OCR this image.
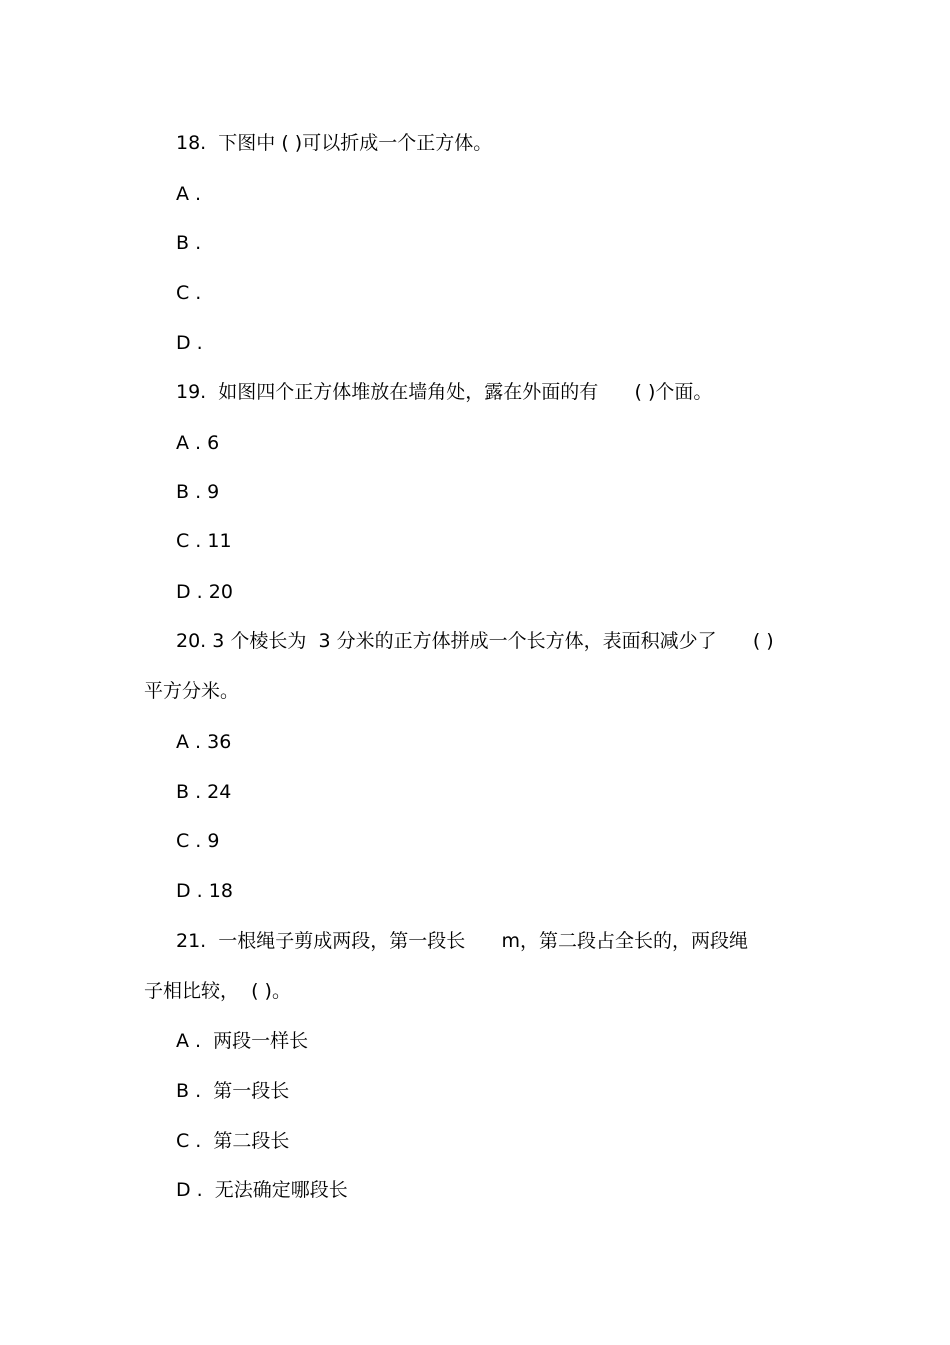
18.  下图中 ( )可以折成一个正方体。

A .

B .

C .

D .

19.  如图四个正方体堆放在墙角处，露在外面的有      ( )个面。

A . 6

B . 9

C . 11

D . 20

20. 3 个棱长为  3 分米的正方体拼成一个长方体，表面积减少了      ( )

平方分米。

A . 36

B . 24

C . 9

D . 18

21.  一根绳子剪成两段，第一段长      m，第二段占全长的，两段绳

子相比较，  ( )。

A .  两段一样长

B .  第一段长

C .  第二段长

D .  无法确定哪段长
